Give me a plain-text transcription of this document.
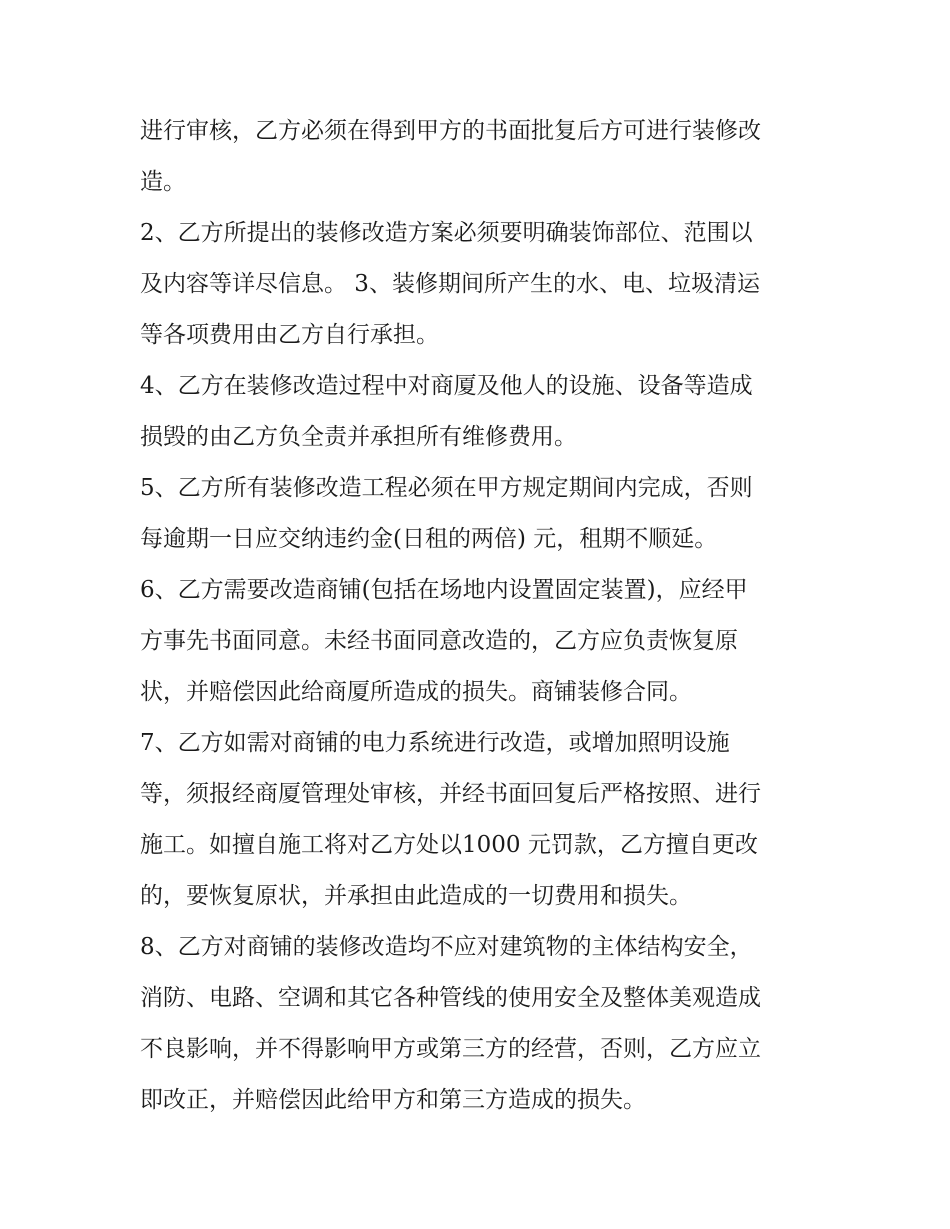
进行审核，乙方必须在得到甲方的书面批复后方可进行装修改
造。
2、乙方所提出的装修改造方案必须要明确装饰部位、范围以
及内容等详尽信息。 3、装修期间所产生的水、电、垃圾清运
等各项费用由乙方自行承担。
4、乙方在装修改造过程中对商厦及他人的设施、设备等造成
损毁的由乙方负全责并承担所有维修费用。
5、乙方所有装修改造工程必须在甲方规定期间内完成，否则
每逾期一日应交纳违约金(日租的两倍) 元，租期不顺延。
6、乙方需要改造商铺(包括在场地内设置固定装置)，应经甲
方事先书面同意。未经书面同意改造的，乙方应负责恢复原
状，并赔偿因此给商厦所造成的损失。商铺装修合同。
7、乙方如需对商铺的电力系统进行改造，或增加照明设施
等，须报经商厦管理处审核，并经书面回复后严格按照、进行
施工。如擅自施工将对乙方处以1000 元罚款，乙方擅自更改
的，要恢复原状，并承担由此造成的一切费用和损失。
8、乙方对商铺的装修改造均不应对建筑物的主体结构安全，
消防、电路、空调和其它各种管线的使用安全及整体美观造成
不良影响，并不得影响甲方或第三方的经营，否则，乙方应立
即改正，并赔偿因此给甲方和第三方造成的损失。
